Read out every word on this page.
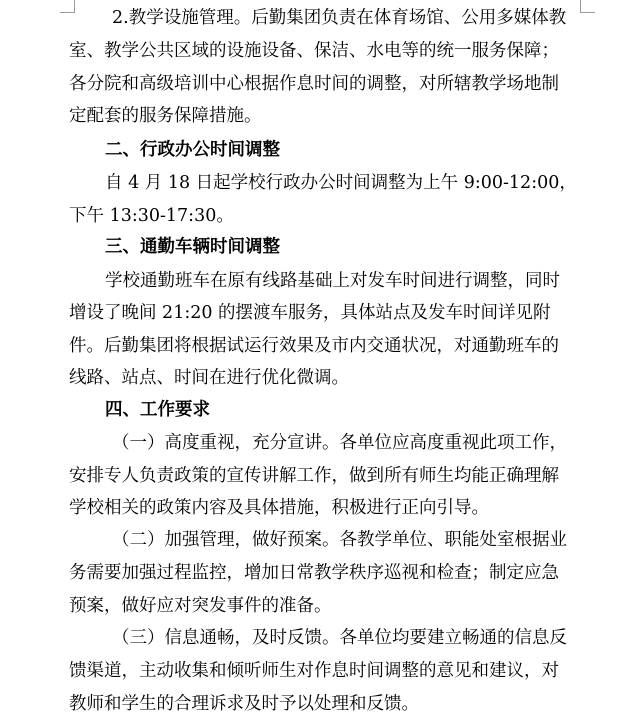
2.教学设施管理。后勤集团负责在体育场馆、公用多媒体教
室、教学公共区域的设施设备、保洁、水电等的统一服务保障；
各分院和高级培训中心根据作息时间的调整，对所辖教学场地制
定配套的服务保障措施。
二、行政办公时间调整
自 4 月 18 日起学校行政办公时间调整为上午 9:00-12:00，
下午 13:30-17:30。
三、通勤车辆时间调整
学校通勤班车在原有线路基础上对发车时间进行调整，同时
增设了晚间 21:20 的摆渡车服务，具体站点及发车时间详见附
件。后勤集团将根据试运行效果及市内交通状况，对通勤班车的
线路、站点、时间在进行优化微调。
四、工作要求
（一）高度重视，充分宣讲。各单位应高度重视此项工作，
安排专人负责政策的宣传讲解工作，做到所有师生均能正确理解
学校相关的政策内容及具体措施，积极进行正向引导。
（二）加强管理，做好预案。各教学单位、职能处室根据业
务需要加强过程监控，增加日常教学秩序巡视和检查；制定应急
预案，做好应对突发事件的准备。
（三）信息通畅，及时反馈。各单位均要建立畅通的信息反
馈渠道，主动收集和倾听师生对作息时间调整的意见和建议，对
教师和学生的合理诉求及时予以处理和反馈。
